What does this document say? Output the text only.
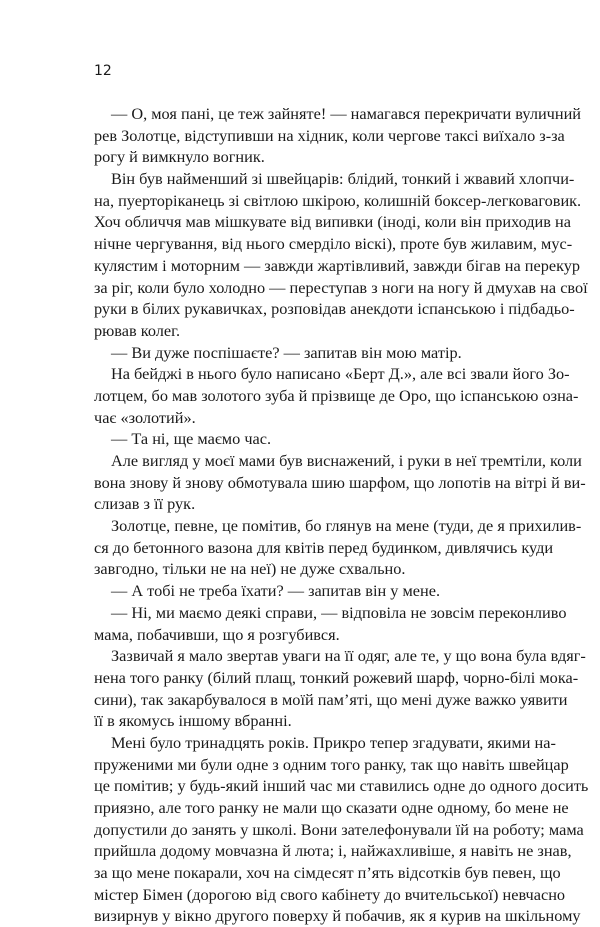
12
— О, моя пані, це теж зайняте! — намагався перекричати вуличний
рев Золотце, відступивши на хідник, коли чергове таксі виїхало з-за
рогу й вимкнуло вогник.
Він був найменший зі швейцарів: блідий, тонкий і жвавий хлопчи-
на, пуерторіканець зі світлою шкірою, колишній боксер-легковаговик.
Хоч обличчя мав мішкувате від випивки (іноді, коли він приходив на
нічне чергування, від нього смерділо віскі), проте був жилавим, мус-
кулястим і моторним — завжди жартівливий, завжди бігав на перекур
за ріг, коли було холодно — переступав з ноги на ногу й дмухав на свої
руки в білих рукавичках, розповідав анекдоти іспанською і підбадьо-
рював колег.
— Ви дуже поспішаєте? — запитав він мою матір.
На бейджі в нього було написано «Берт Д.», але всі звали його Зо-
лотцем, бо мав золотого зуба й прізвище де Оро, що іспанською озна-
чає «золотий».
— Та ні, ще маємо час.
Але вигляд у моєї мами був виснажений, і руки в неї тремтіли, коли
вона знову й знову обмотувала шию шарфом, що лопотів на вітрі й ви-
слизав з її рук.
Золотце, певне, це помітив, бо глянув на мене (туди, де я прихилив-
ся до бетонного вазона для квітів перед будинком, дивлячись куди
завгодно, тільки не на неї) не дуже схвально.
— А тобі не треба їхати? — запитав він у мене.
— Ні, ми маємо деякі справи, — відповіла не зовсім переконливо
мама, побачивши, що я розгубився.
Зазвичай я мало звертав уваги на її одяг, але те, у що вона була вдяг-
нена того ранку (білий плащ, тонкий рожевий шарф, чорно-білі мока-
сини), так закарбувалося в моїй пам’яті, що мені дуже важко уявити
її в якомусь іншому вбранні.
Мені було тринадцять років. Прикро тепер згадувати, якими на-
пруженими ми були одне з одним того ранку, так що навіть швейцар
це помітив; у будь-який інший час ми ставились одне до одного досить
приязно, але того ранку не мали що сказати одне одному, бо мене не
допустили до занять у школі. Вони зателефонували їй на роботу; мама
прийшла додому мовчазна й люта; і, найжахливіше, я навіть не знав,
за що мене покарали, хоч на сімдесят п’ять відсотків був певен, що
містер Бімен (дорогою від свого кабінету до вчительської) невчасно
визирнув у вікно другого поверху й побачив, як я курив на шкільному
